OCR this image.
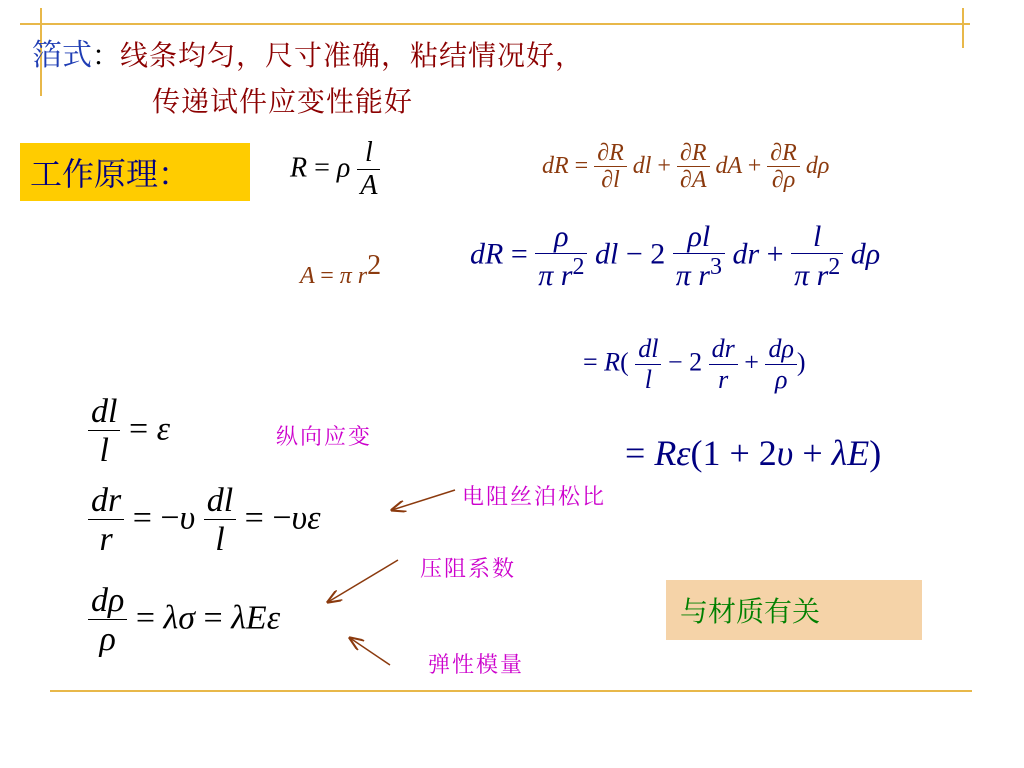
箔式：线条均匀，尺寸准确，粘结情况好，
传递试件应变性能好
工作原理：	R = ρ $\frac{l}{A}$
A = π $r^2$
dR = $\frac{\partial R}{\partial l}$ dl + $\frac{\partial R}{\partial A}$ dA + $\frac{\partial R}{\partial\rho}$ dρ
dR = $\frac{\rho}{\pi r^2}$ dl − $2 \frac{\rho l}{\pi r^3}$ dr + $\frac{l}{\pi r^2}$ dρ
= $R( \frac{dl}{l} - 2 \frac{dr}{r} + \frac{d\rho}{\rho}$ )
= Rε(1 + 2υ + λE)
$\frac{dl}{l} = \varepsilon$	纵向应变
$\frac{dr}{r} = -\upsilon \frac{dl}{l} = -\upsilon\varepsilon$
电阻丝泊松比
压阻系数
$\frac{d\rho}{\rho} = \lambda\sigma = \lambda E\varepsilon$	与材质有关
弹性模量
